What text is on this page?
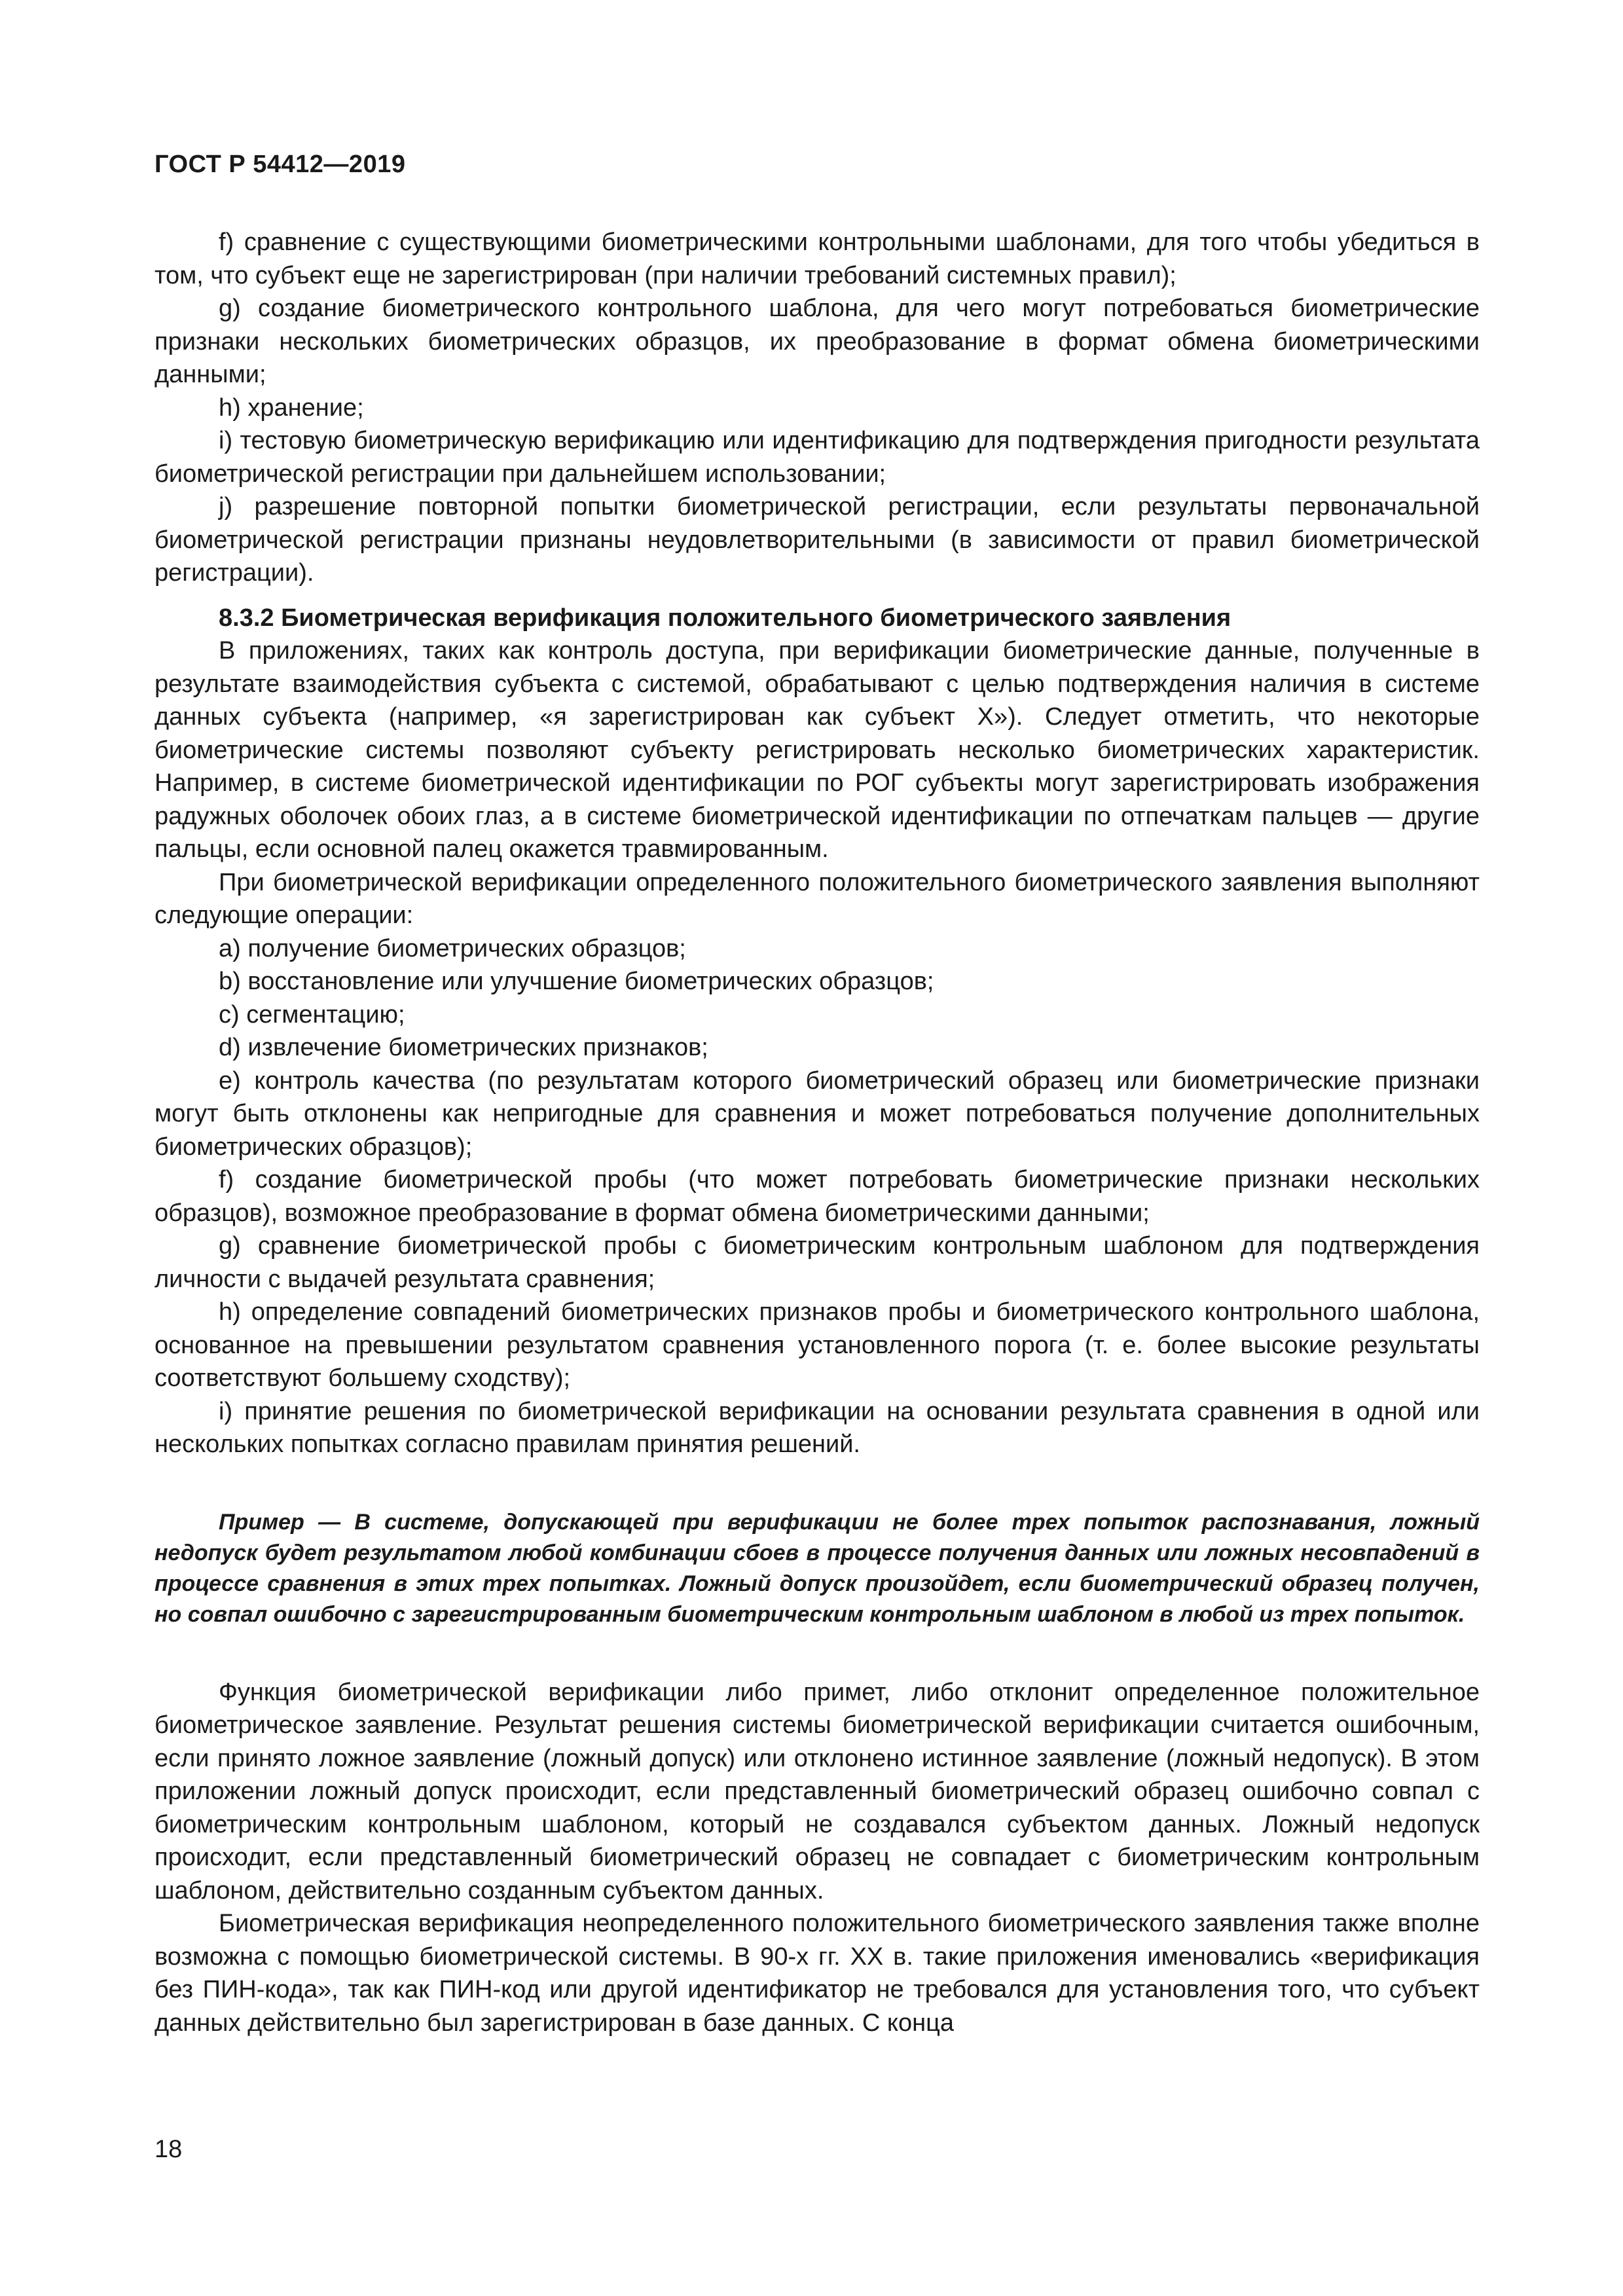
ГОСТ Р 54412—2019

f) сравнение с существующими биометрическими контрольными шаблонами, для того чтобы убедиться в том, что субъект еще не зарегистрирован (при наличии требований системных правил);

g) создание биометрического контрольного шаблона, для чего могут потребоваться биометрические признаки нескольких биометрических образцов, их преобразование в формат обмена биометрическими данными;

h) хранение;

i) тестовую биометрическую верификацию или идентификацию для подтверждения пригодности результата биометрической регистрации при дальнейшем использовании;

j) разрешение повторной попытки биометрической регистрации, если результаты первоначальной биометрической регистрации признаны неудовлетворительными (в зависимости от правил биометрической регистрации).

8.3.2 Биометрическая верификация положительного биометрического заявления

В приложениях, таких как контроль доступа, при верификации биометрические данные, полученные в результате взаимодействия субъекта с системой, обрабатывают с целью подтверждения наличия в системе данных субъекта (например, «я зарегистрирован как субъект X»). Следует отметить, что некоторые биометрические системы позволяют субъекту регистрировать несколько биометрических характеристик. Например, в системе биометрической идентификации по РОГ субъекты могут зарегистрировать изображения радужных оболочек обоих глаз, а в системе биометрической идентификации по отпечаткам пальцев — другие пальцы, если основной палец окажется травмированным.

При биометрической верификации определенного положительного биометрического заявления выполняют следующие операции:

a) получение биометрических образцов;

b) восстановление или улучшение биометрических образцов;

c) сегментацию;

d) извлечение биометрических признаков;

e) контроль качества (по результатам которого биометрический образец или биометрические признаки могут быть отклонены как непригодные для сравнения и может потребоваться получение дополнительных биометрических образцов);

f) создание биометрической пробы (что может потребовать биометрические признаки нескольких образцов), возможное преобразование в формат обмена биометрическими данными;

g) сравнение биометрической пробы с биометрическим контрольным шаблоном для подтверждения личности с выдачей результата сравнения;

h) определение совпадений биометрических признаков пробы и биометрического контрольного шаблона, основанное на превышении результатом сравнения установленного порога (т. е. более высокие результаты соответствуют большему сходству);

i) принятие решения по биометрической верификации на основании результата сравнения в одной или нескольких попытках согласно правилам принятия решений.

Пример — В системе, допускающей при верификации не более трех попыток распознавания, ложный недопуск будет результатом любой комбинации сбоев в процессе получения данных или ложных несовпадений в процессе сравнения в этих трех попытках. Ложный допуск произойдет, если биометрический образец получен, но совпал ошибочно с зарегистрированным биометрическим контрольным шаблоном в любой из трех попыток.

Функция биометрической верификации либо примет, либо отклонит определенное положительное биометрическое заявление. Результат решения системы биометрической верификации считается ошибочным, если принято ложное заявление (ложный допуск) или отклонено истинное заявление (ложный недопуск). В этом приложении ложный допуск происходит, если представленный биометрический образец ошибочно совпал с биометрическим контрольным шаблоном, который не создавался субъектом данных. Ложный недопуск происходит, если представленный биометрический образец не совпадает с биометрическим контрольным шаблоном, действительно созданным субъектом данных.

Биометрическая верификация неопределенного положительного биометрического заявления также вполне возможна с помощью биометрической системы. В 90-х гг. XX в. такие приложения именовались «верификация без ПИН-кода», так как ПИН-код или другой идентификатор не требовался для установления того, что субъект данных действительно был зарегистрирован в базе данных. С конца

18
